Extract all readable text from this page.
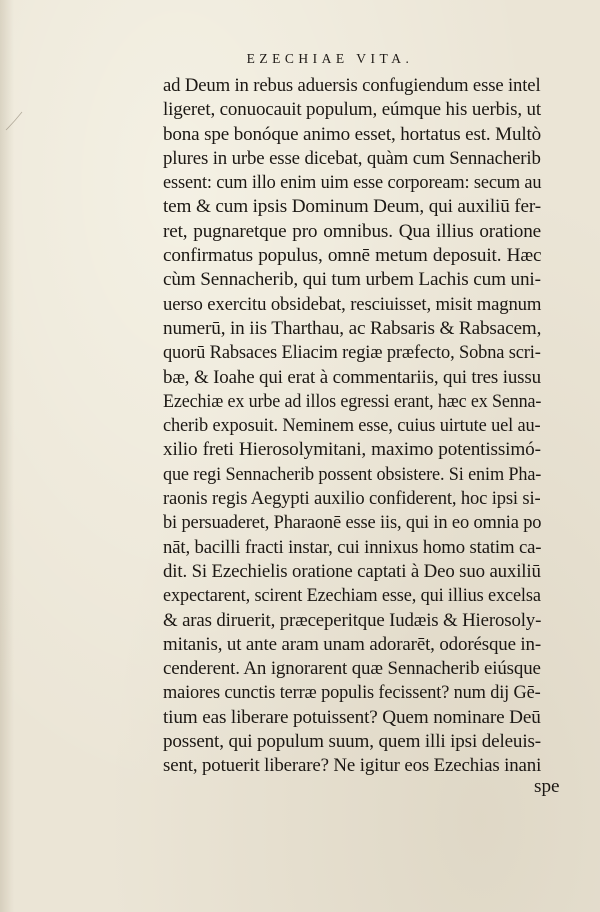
EZECHIAE VITA.
ad Deum in rebus aduersis confugiendum esse intel
ligeret, conuocauit populum, eúmque his uerbis, ut
bona spe bonóque animo esset, hortatus est. Multò
plures in urbe esse dicebat, quàm cum Sennacherib
essent: cum illo enim uim esse corpoream: secum au
tem & cum ipsis Dominum Deum, qui auxiliū fer-
ret, pugnaretque pro omnibus. Qua illius oratione
confirmatus populus, omnē metum deposuit. Hæc
cùm Sennacherib, qui tum urbem Lachis cum uni-
uerso exercitu obsidebat, resciuisset, misit magnum
numerū, in iis Tharthau, ac Rabsaris & Rabsacem,
quorū Rabsaces Eliacim regiæ præfecto, Sobna scri-
bæ, & Ioahe qui erat à commentariis, qui tres iussu
Ezechiæ ex urbe ad illos egressi erant, hæc ex Senna-
cherib exposuit. Neminem esse, cuius uirtute uel au-
xilio freti Hierosolymitani, maximo potentissimó-
que regi Sennacherib possent obsistere. Si enim Pha-
raonis regis Aegypti auxilio confiderent, hoc ipsi si-
bi persuaderet, Pharaonē esse iis, qui in eo omnia po
nāt, bacilli fracti instar, cui innixus homo statim ca-
dit. Si Ezechielis oratione captati à Deo suo auxiliū
expectarent, scirent Ezechiam esse, qui illius excelsa
& aras diruerit, præceperitque Iudæis & Hierosoly-
mitanis, ut ante aram unam adorarēt, odorésque in-
cenderent. An ignorarent quæ Sennacherib eiúsque
maiores cunctis terræ populis fecissent? num dij Gē-
tium eas liberare potuissent? Quem nominare Deū
possent, qui populum suum, quem illi ipsi deleuis-
sent, potuerit liberare? Ne igitur eos Ezechias inani
spe
